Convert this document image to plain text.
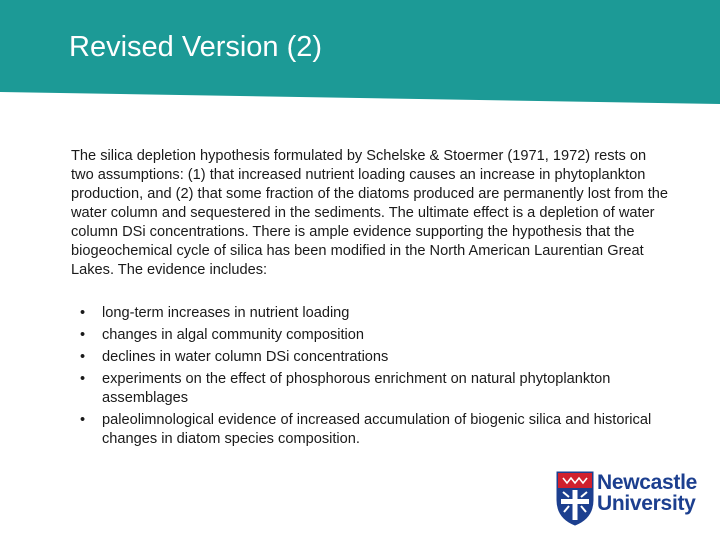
Revised Version (2)

The silica depletion hypothesis formulated by Schelske & Stoermer (1971, 1972) rests on two assumptions: (1) that increased nutrient loading causes an increase in phytoplankton production, and (2) that some fraction of the diatoms produced are permanently lost from the water column and sequestered in the sediments. The ultimate effect is a depletion of water column DSi concentrations. There is ample evidence supporting the hypothesis that the biogeochemical cycle of silica has been modified in the North American Laurentian Great Lakes. The evidence includes:

• long-term increases in nutrient loading
• changes in algal community composition
• declines in water column DSi concentrations
• experiments on the effect of phosphorous enrichment on natural phytoplankton assemblages
• paleolimnological evidence of increased accumulation of biogenic silica and historical changes in diatom species composition.
Newcastle
University
